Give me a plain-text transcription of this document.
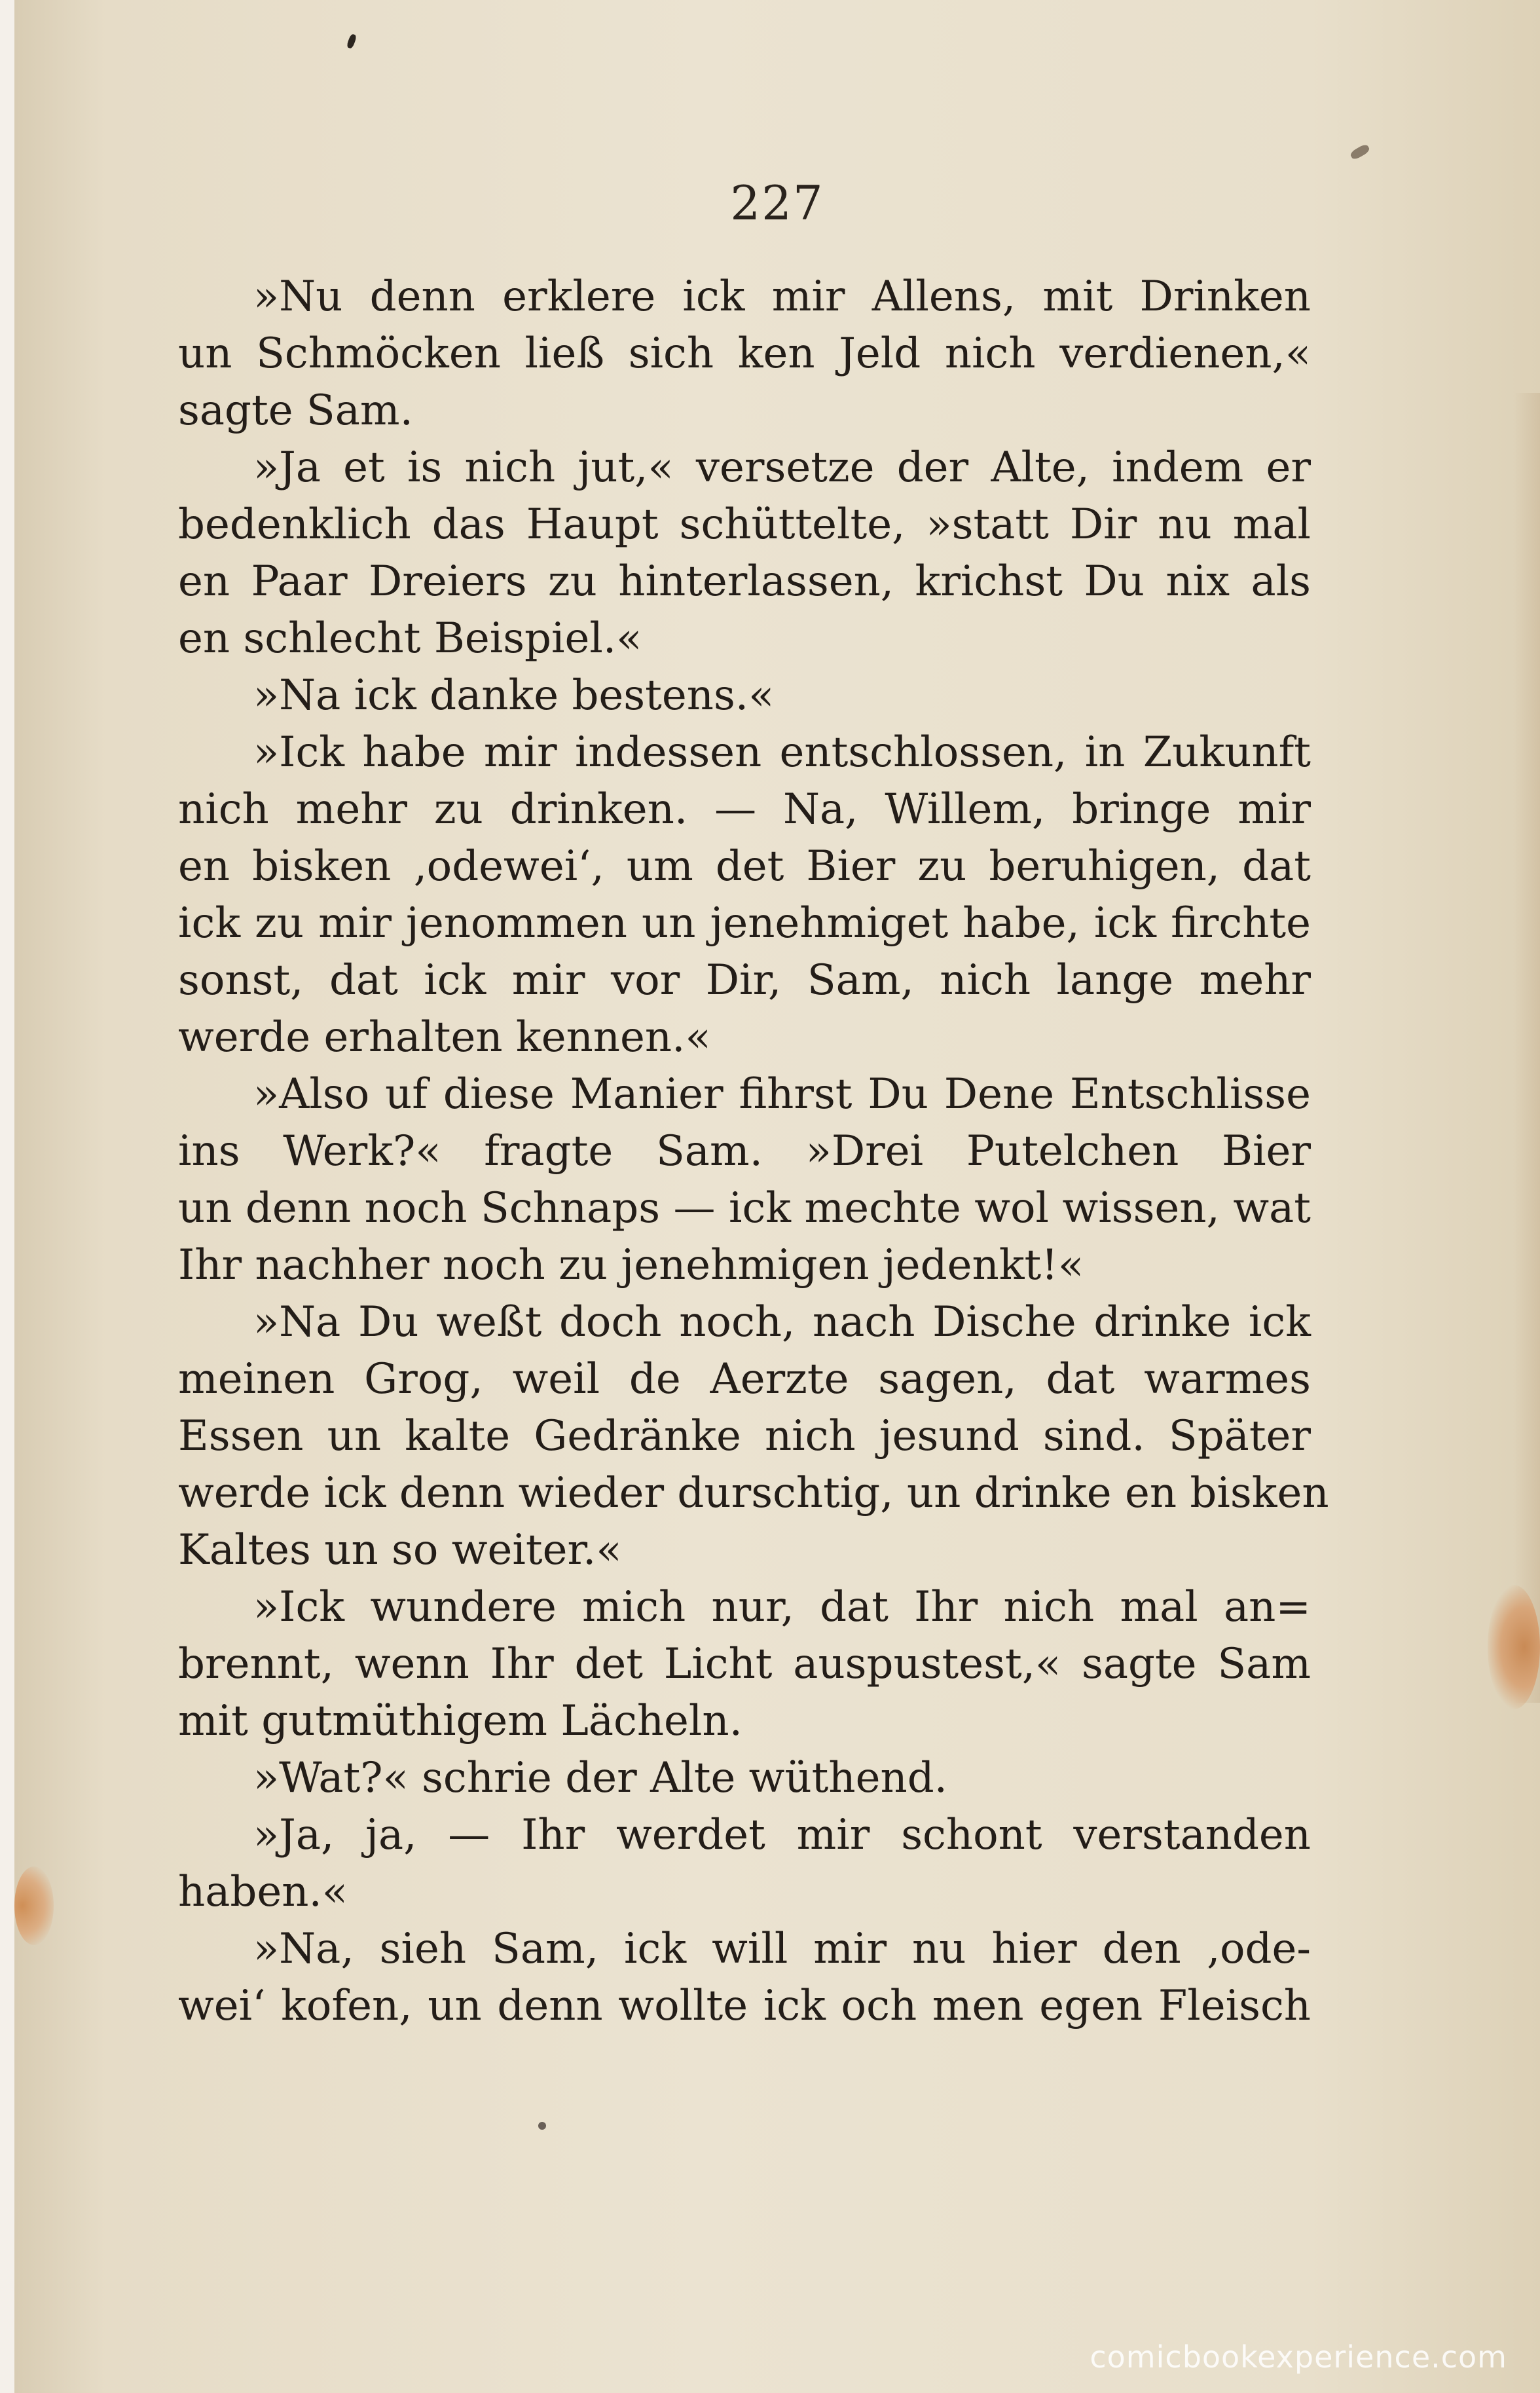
227
»Nu denn erklere ick mir Allens, mit Drinken
un Schmöcken ließ sich ken Jeld nich verdienen,«
sagte Sam.
»Ja et is nich jut,« versetze der Alte, indem er
bedenklich das Haupt schüttelte, »statt Dir nu mal
en Paar Dreiers zu hinterlassen, krichst Du nix als
en schlecht Beispiel.«
»Na ick danke bestens.«
»Ick habe mir indessen entschlossen, in Zukunft
nich mehr zu drinken. — Na, Willem, bringe mir
en bisken ‚odewei‘, um det Bier zu beruhigen, dat
ick zu mir jenommen un jenehmiget habe, ick firchte
sonst, dat ick mir vor Dir, Sam, nich lange mehr
werde erhalten kennen.«
»Also uf diese Manier fihrst Du Dene Entschlisse
ins Werk?« fragte Sam. »Drei Putelchen Bier
un denn noch Schnaps — ick mechte wol wissen, wat
Ihr nachher noch zu jenehmigen jedenkt!«
»Na Du weßt doch noch, nach Dische drinke ick
meinen Grog, weil de Aerzte sagen, dat warmes
Essen un kalte Gedränke nich jesund sind. Später
werde ick denn wieder durschtig, un drinke en bisken
Kaltes un so weiter.«
»Ick wundere mich nur, dat Ihr nich mal an=
brennt, wenn Ihr det Licht auspustest,« sagte Sam
mit gutmüthigem Lächeln.
»Wat?« schrie der Alte wüthend.
»Ja, ja, — Ihr werdet mir schont verstanden
haben.«
»Na, sieh Sam, ick will mir nu hier den ‚ode-
wei‘ kofen, un denn wollte ick och men egen Fleisch
comicbookexperience.com
